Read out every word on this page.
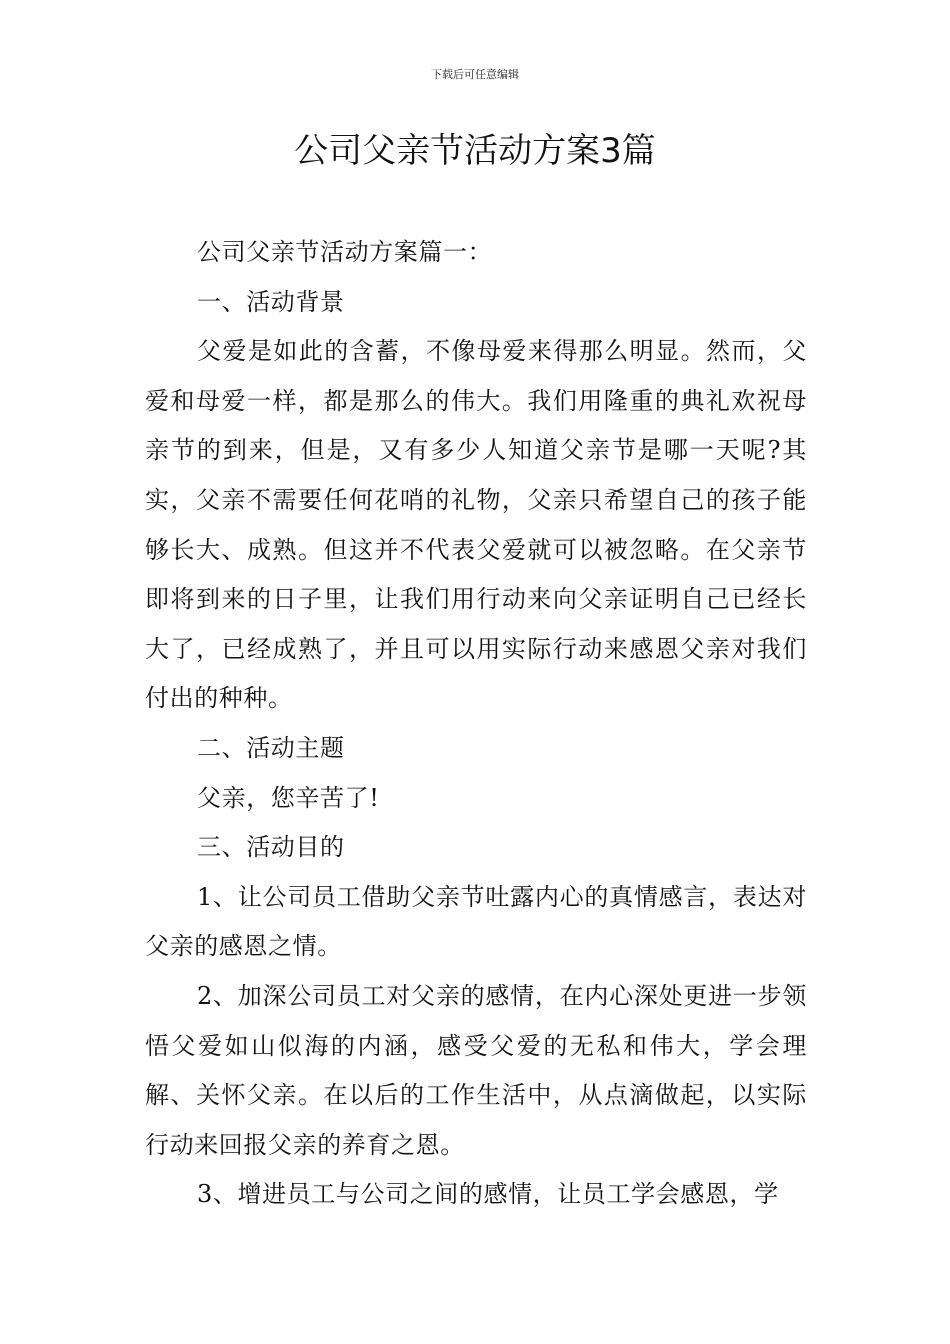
下载后可任意编辑
公司父亲节活动方案3篇

公司父亲节活动方案篇一：

一、活动背景

父爱是如此的含蓄，不像母爱来得那么明显。然而，父爱和母爱一样，都是那么的伟大。我们用隆重的典礼欢祝母亲节的到来，但是，又有多少人知道父亲节是哪一天呢?其实，父亲不需要任何花哨的礼物，父亲只希望自己的孩子能够长大、成熟。但这并不代表父爱就可以被忽略。在父亲节即将到来的日子里，让我们用行动来向父亲证明自己已经长大了，已经成熟了，并且可以用实际行动来感恩父亲对我们付出的种种。

二、活动主题

父亲，您辛苦了!

三、活动目的

1、让公司员工借助父亲节吐露内心的真情感言，表达对父亲的感恩之情。

2、加深公司员工对父亲的感情，在内心深处更进一步领悟父爱如山似海的内涵，感受父爱的无私和伟大，学会理解、关怀父亲。在以后的工作生活中，从点滴做起，以实际行动来回报父亲的养育之恩。

3、增进员工与公司之间的感情，让员工学会感恩，学
